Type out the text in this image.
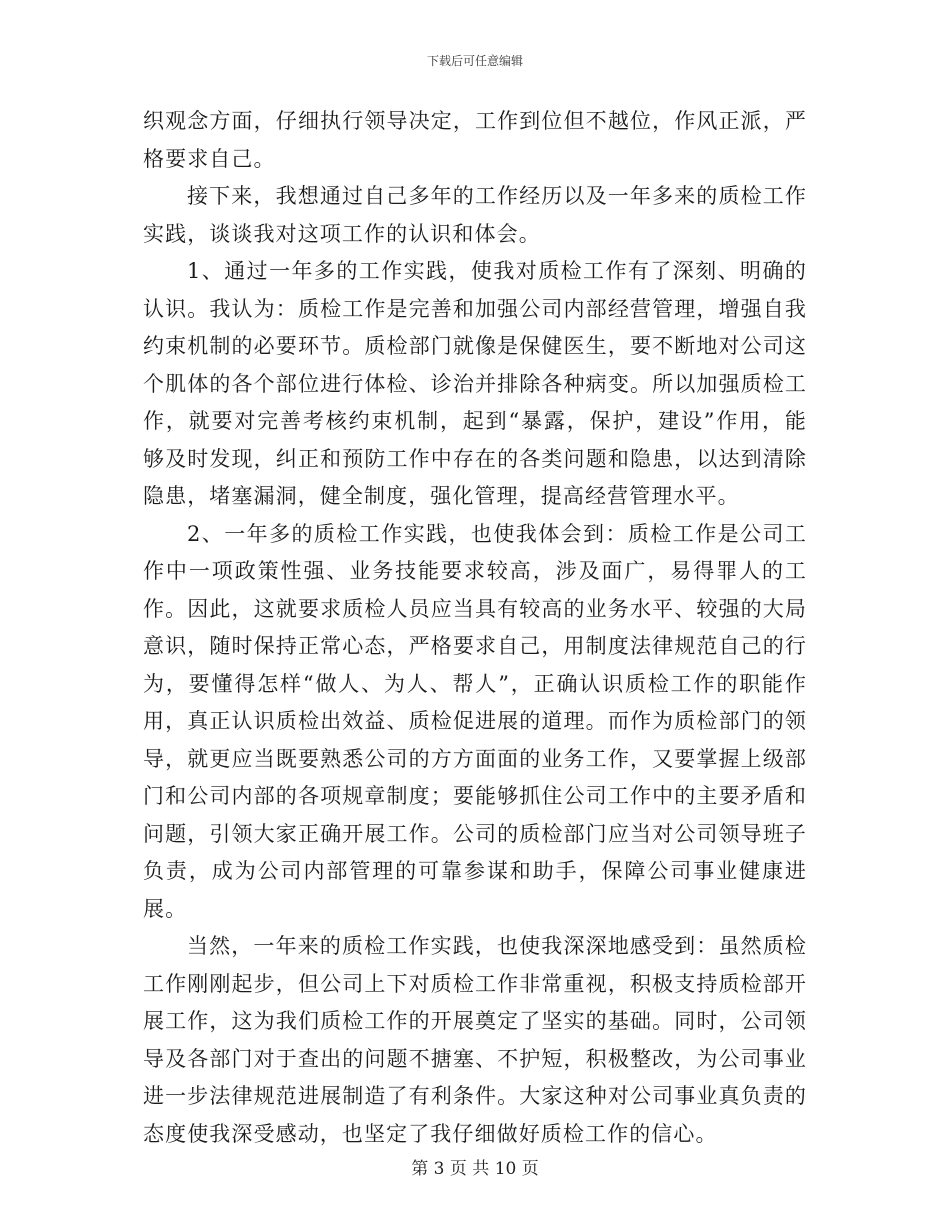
下载后可任意编辑

织观念方面，仔细执行领导决定，工作到位但不越位，作风正派，严格要求自己。

接下来，我想通过自己多年的工作经历以及一年多来的质检工作实践，谈谈我对这项工作的认识和体会。

1、通过一年多的工作实践，使我对质检工作有了深刻、明确的认识。我认为：质检工作是完善和加强公司内部经营管理，增强自我约束机制的必要环节。质检部门就像是保健医生，要不断地对公司这个肌体的各个部位进行体检、诊治并排除各种病变。所以加强质检工作，就要对完善考核约束机制，起到“暴露，保护，建设”作用，能够及时发现，纠正和预防工作中存在的各类问题和隐患，以达到清除隐患，堵塞漏洞，健全制度，强化管理，提高经营管理水平。

2、一年多的质检工作实践，也使我体会到：质检工作是公司工作中一项政策性强、业务技能要求较高，涉及面广，易得罪人的工作。因此，这就要求质检人员应当具有较高的业务水平、较强的大局意识，随时保持正常心态，严格要求自己，用制度法律规范自己的行为，要懂得怎样“做人、为人、帮人”，正确认识质检工作的职能作用，真正认识质检出效益、质检促进展的道理。而作为质检部门的领导，就更应当既要熟悉公司的方方面面的业务工作，又要掌握上级部门和公司内部的各项规章制度；要能够抓住公司工作中的主要矛盾和问题，引领大家正确开展工作。公司的质检部门应当对公司领导班子负责，成为公司内部管理的可靠参谋和助手，保障公司事业健康进展。

当然，一年来的质检工作实践，也使我深深地感受到：虽然质检工作刚刚起步，但公司上下对质检工作非常重视，积极支持质检部开展工作，这为我们质检工作的开展奠定了坚实的基础。同时，公司领导及各部门对于查出的问题不搪塞、不护短，积极整改，为公司事业进一步法律规范进展制造了有利条件。大家这种对公司事业真负责的态度使我深受感动，也坚定了我仔细做好质检工作的信心。

第 3 页 共 10 页
